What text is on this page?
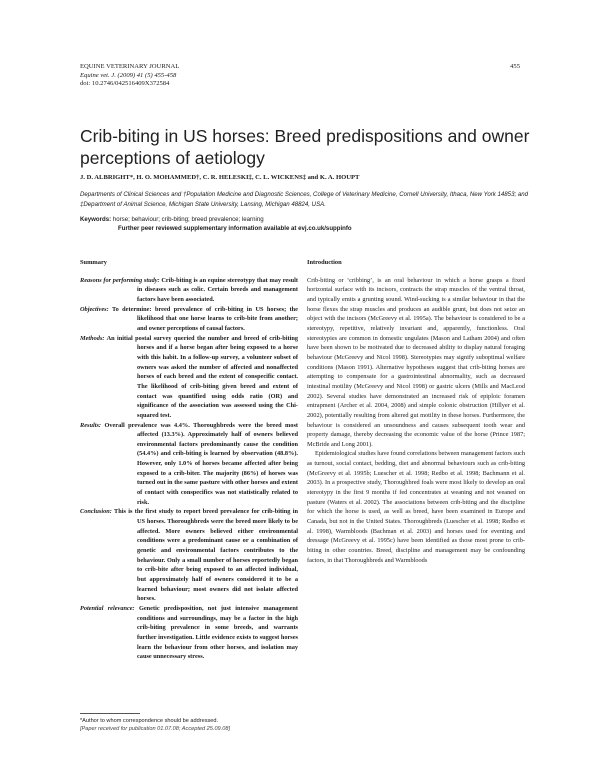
EQUINE VETERINARY JOURNAL
Equine vet. J. (2009) 41 (5) 455-458
doi: 10.2746/042516409X372584
455
Crib-biting in US horses: Breed predispositions and owner perceptions of aetiology
J. D. ALBRIGHT*, H. O. MOHAMMED†, C. R. HELESKI‡, C. L. WICKENS‡ and K. A. HOUPT
Departments of Clinical Sciences and †Population Medicine and Diagnostic Sciences, College of Veterinary Medicine, Cornell University, Ithaca, New York 14853; and ‡Department of Animal Science, Michigan State University, Lansing, Michigan 48824, USA.
Keywords: horse; behaviour; crib-biting; breed prevalence; learning
Further peer reviewed supplementary information available at evj.co.uk/suppinfo
Summary

Reasons for performing study: Crib-biting is an equine stereotypy that may result in diseases such as colic. Certain breeds and management factors have been associated.

Objectives: To determine: breed prevalence of crib-biting in US horses; the likelihood that one horse learns to crib-bite from another; and owner perceptions of causal factors.

Methods: An initial postal survey queried the number and breed of crib-biting horses and if a horse began after being exposed to a horse with this habit. In a follow-up survey, a volunteer subset of owners was asked the number of affected and nonaffected horses of each breed and the extent of conspecific contact. The likelihood of crib-biting given breed and extent of contact was quantified using odds ratio (OR) and significance of the association was assessed using the Chi-squared test.

Results: Overall prevalence was 4.4%. Thoroughbreds were the breed most affected (13.3%). Approximately half of owners believed environmental factors predominantly cause the condition (54.4%) and crib-biting is learned by observation (48.8%). However, only 1.0% of horses became affected after being exposed to a crib-biter. The majority (86%) of horses was turned out in the same pasture with other horses and extent of contact with conspecifics was not statistically related to risk.

Conclusion: This is the first study to report breed prevalence for crib-biting in US horses. Thoroughbreds were the breed more likely to be affected. More owners believed either environmental conditions were a predominant cause or a combination of genetic and environmental factors contributes to the behaviour. Only a small number of horses reportedly began to crib-bite after being exposed to an affected individual, but approximately half of owners considered it to be a learned behaviour; most owners did not isolate affected horses.

Potential relevance: Genetic predisposition, not just intensive management conditions and surroundings, may be a factor in the high crib-biting prevalence in some breeds, and warrants further investigation. Little evidence exists to suggest horses learn the behaviour from other horses, and isolation may cause unnecessary stress.

Introduction

Crib-biting or ‘cribbing’, is an oral behaviour in which a horse grasps a fixed horizontal surface with its incisors, contracts the strap muscles of the ventral throat, and typically emits a grunting sound. Wind-sucking is a similar behaviour in that the horse flexes the strap muscles and produces an audible grunt, but does not seize an object with the incisors (McGreevy et al. 1995a). The behaviour is considered to be a stereotypy, repetitive, relatively invariant and, apparently, functionless. Oral stereotypies are common in domestic ungulates (Mason and Latham 2004) and often have been shown to be motivated due to decreased ability to display natural foraging behaviour (McGreevy and Nicol 1998). Stereotypies may signify suboptimal welfare conditions (Mason 1991). Alternative hypotheses suggest that crib-biting horses are attempting to compensate for a gastrointestinal abnormality, such as decreased intestinal motility (McGreevy and Nicol 1998) or gastric ulcers (Mills and MacLeod 2002). Several studies have demonstrated an increased risk of epiploic foramen entrapment (Archer et al. 2004, 2008) and simple colonic obstruction (Hillyer et al. 2002), potentially resulting from altered gut motility in these horses. Furthermore, the behaviour is considered an unsoundness and causes subsequent tooth wear and property damage, thereby decreasing the economic value of the horse (Prince 1987; McBride and Long 2001).

Epidemiological studies have found correlations between management factors such as turnout, social contact, bedding, diet and abnormal behaviours such as crib-biting (McGreevy et al. 1995b; Luescher et al. 1998; Redbo et al. 1998; Bachmann et al. 2003). In a prospective study, Thoroughbred foals were most likely to develop an oral stereotypy in the first 9 months if fed concentrates at weaning and not weaned on pasture (Waters et al. 2002). The associations between crib-biting and the discipline for which the horse is used, as well as breed, have been examined in Europe and Canada, but not in the United States. Thoroughbreds (Luescher et al. 1998; Redbo et al. 1998), Warmbloods (Bachman et al. 2003) and horses used for eventing and dressage (McGreevy et al. 1995c) have been identified as those most prone to crib-biting in other countries. Breed, discipline and management may be confounding factors, in that Thoroughbreds and Warmbloods

*Author to whom correspondence should be addressed.
[Paper received for publication 01.07.08; Accepted 25.09.08]
